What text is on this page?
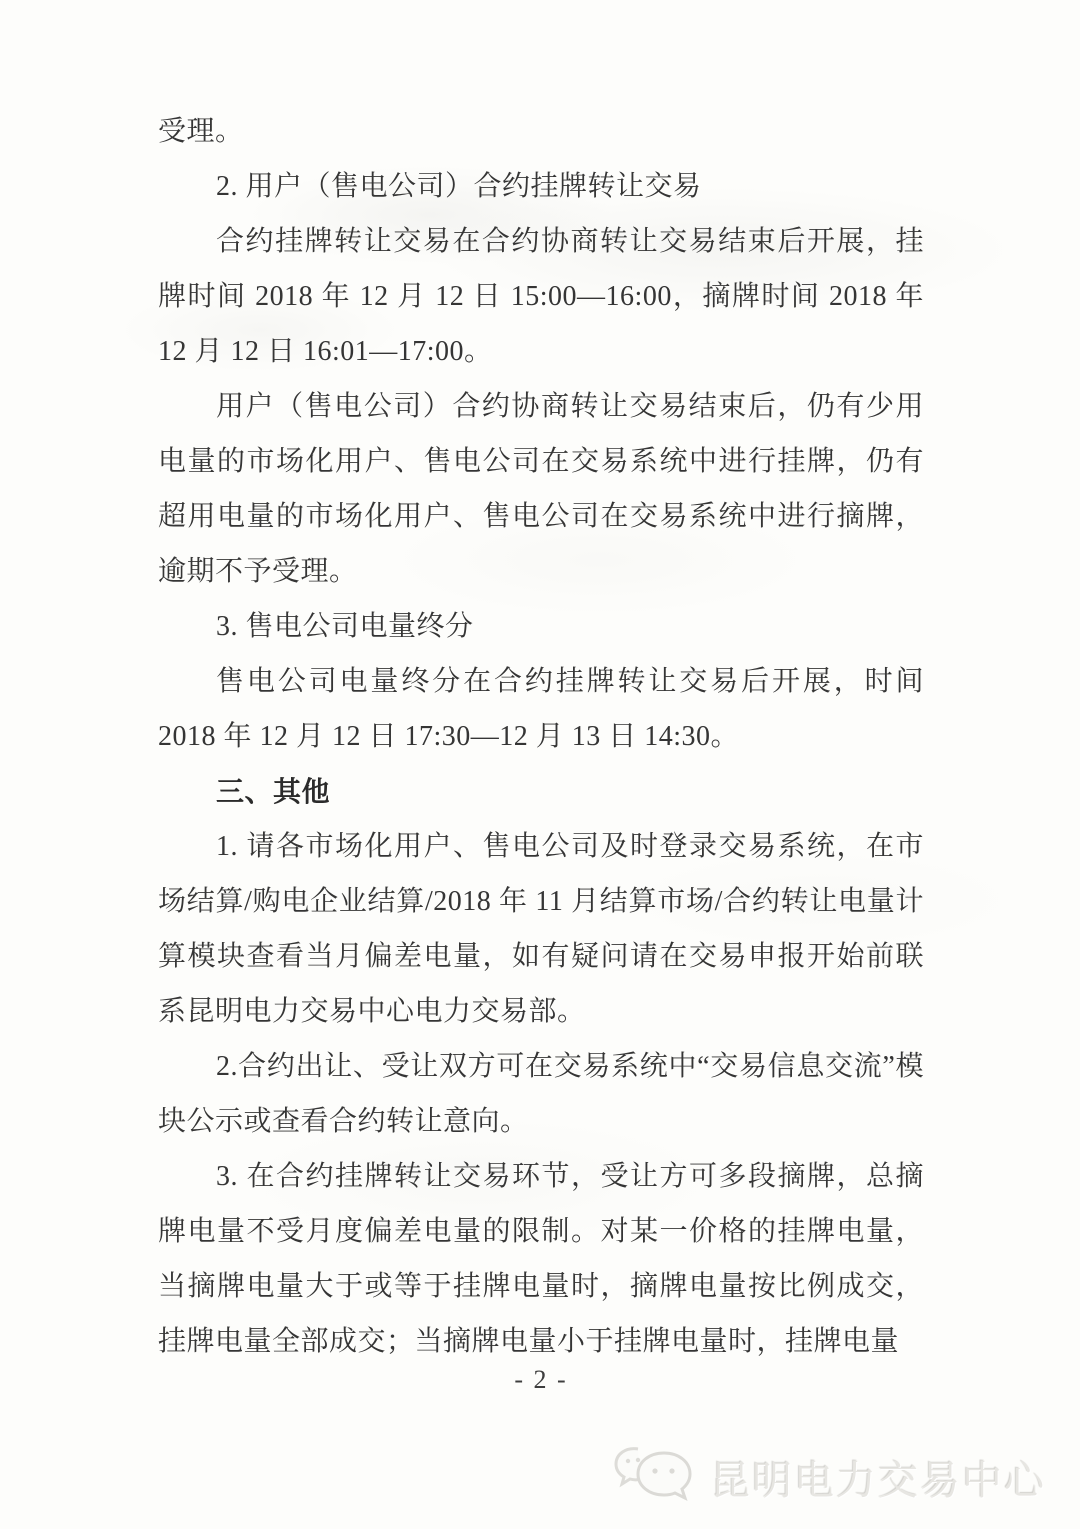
受理。

2. 用户（售电公司）合约挂牌转让交易

合约挂牌转让交易在合约协商转让交易结束后开展，挂牌时间 2018 年 12 月 12 日 15:00—16:00，摘牌时间 2018 年 12 月 12 日 16:01—17:00。

用户（售电公司）合约协商转让交易结束后，仍有少用电量的市场化用户、售电公司在交易系统中进行挂牌，仍有超用电量的市场化用户、售电公司在交易系统中进行摘牌，逾期不予受理。

3. 售电公司电量终分

售电公司电量终分在合约挂牌转让交易后开展，时间 2018 年 12 月 12 日 17:30—12 月 13 日 14:30。

三、其他

1. 请各市场化用户、售电公司及时登录交易系统，在市场结算/购电企业结算/2018 年 11 月结算市场/合约转让电量计算模块查看当月偏差电量，如有疑问请在交易申报开始前联系昆明电力交易中心电力交易部。

2.合约出让、受让双方可在交易系统中“交易信息交流”模块公示或查看合约转让意向。

3. 在合约挂牌转让交易环节，受让方可多段摘牌，总摘牌电量不受月度偏差电量的限制。对某一价格的挂牌电量，当摘牌电量大于或等于挂牌电量时，摘牌电量按比例成交，挂牌电量全部成交；当摘牌电量小于挂牌电量时，挂牌电量

- 2 -
昆明电力交易中心
